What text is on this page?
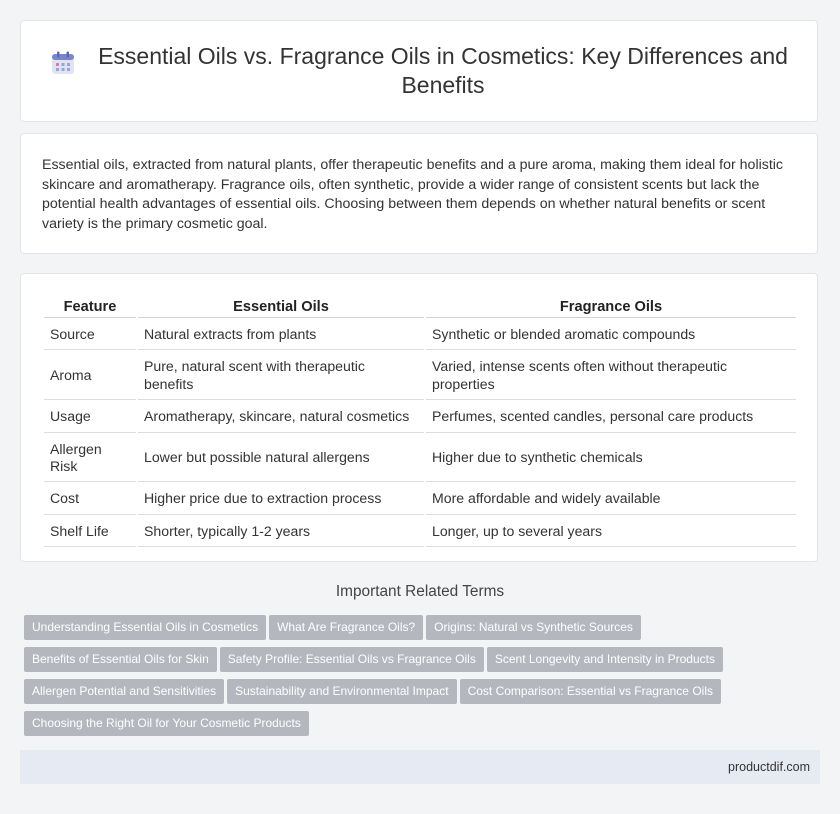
Essential Oils vs. Fragrance Oils in Cosmetics: Key Differences and Benefits

Essential oils, extracted from natural plants, offer therapeutic benefits and a pure aroma, making them ideal for holistic skincare and aromatherapy. Fragrance oils, often synthetic, provide a wider range of consistent scents but lack the potential health advantages of essential oils. Choosing between them depends on whether natural benefits or scent variety is the primary cosmetic goal.

Feature	Essential Oils	Fragrance Oils
Source	Natural extracts from plants	Synthetic or blended aromatic compounds
Aroma	Pure, natural scent with therapeutic benefits	Varied, intense scents often without therapeutic properties
Usage	Aromatherapy, skincare, natural cosmetics	Perfumes, scented candles, personal care products
Allergen Risk	Lower but possible natural allergens	Higher due to synthetic chemicals
Cost	Higher price due to extraction process	More affordable and widely available
Shelf Life	Shorter, typically 1-2 years	Longer, up to several years
Important Related Terms
Understanding Essential Oils in Cosmetics What Are Fragrance Oils? Origins: Natural vs Synthetic Sources
Benefits of Essential Oils for Skin Safety Profile: Essential Oils vs Fragrance Oils Scent Longevity and Intensity in Products
Allergen Potential and Sensitivities Sustainability and Environmental Impact Cost Comparison: Essential vs Fragrance Oils
Choosing the Right Oil for Your Cosmetic Products
productdif.com
